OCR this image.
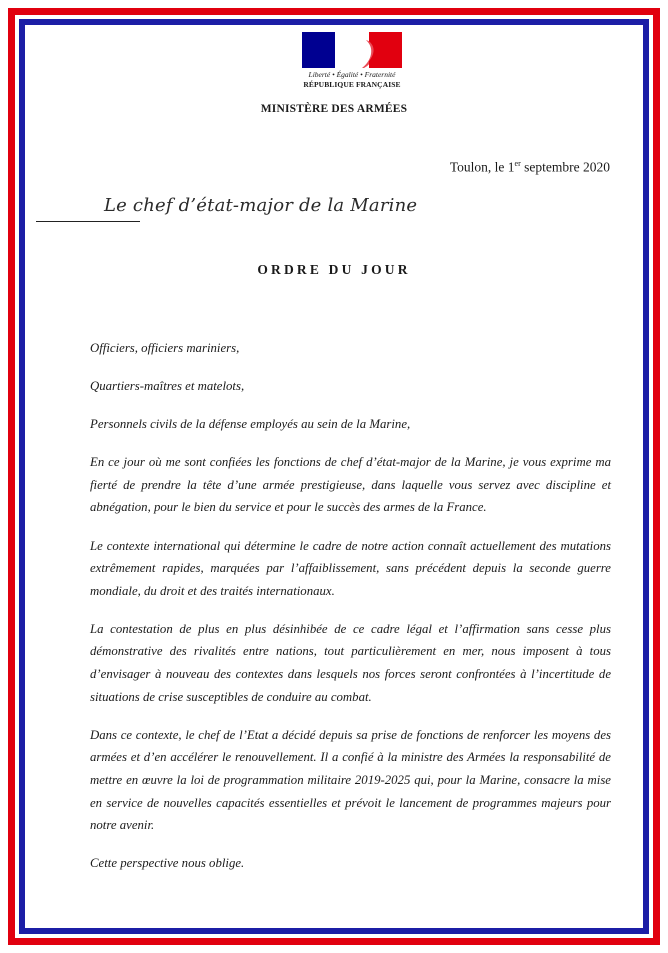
Liberté • Égalité • Fraternité
RÉPUBLIQUE FRANÇAISE
MINISTÈRE DES ARMÉES
Toulon, le 1er septembre 2020
Le chef d’état-major de la Marine
ORDRE DU JOUR

Officiers, officiers mariniers,

Quartiers-maîtres et matelots,

Personnels civils de la défense employés au sein de la Marine,

En ce jour où me sont confiées les fonctions de chef d’état-major de la Marine, je vous exprime ma fierté de prendre la tête d’une armée prestigieuse, dans laquelle vous servez avec discipline et abnégation, pour le bien du service et pour le succès des armes de la France.

Le contexte international qui détermine le cadre de notre action connaît actuellement des mutations extrêmement rapides, marquées par l’affaiblissement, sans précédent depuis la seconde guerre mondiale, du droit et des traités internationaux.

La contestation de plus en plus désinhibée de ce cadre légal et l’affirmation sans cesse plus démonstrative des rivalités entre nations, tout particulièrement en mer, nous imposent à tous d’envisager à nouveau des contextes dans lesquels nos forces seront confrontées à l’incertitude de situations de crise susceptibles de conduire au combat.

Dans ce contexte, le chef de l’Etat a décidé depuis sa prise de fonctions de renforcer les moyens des armées et d’en accélérer le renouvellement. Il a confié à la ministre des Armées la responsabilité de mettre en œuvre la loi de programmation militaire 2019-2025 qui, pour la Marine, consacre la mise en service de nouvelles capacités essentielles et prévoit le lancement de programmes majeurs pour notre avenir.

Cette perspective nous oblige.
